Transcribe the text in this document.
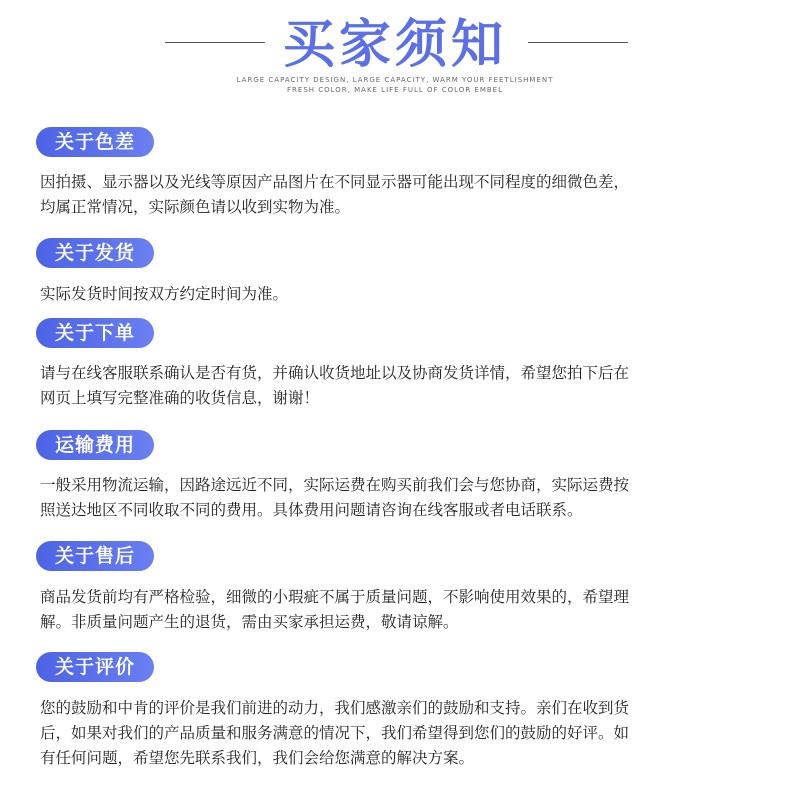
买家须知
LARGE CAPACITY DESIGN, LARGE CAPACITY, WARM YOUR FEETLISHMENT
FRESH COLOR, MAKE LIFE FULL OF COLOR EMBEL
关于色差
因拍摄、显示器以及光线等原因产品图片在不同显示器可能出现不同程度的细微色差，
均属正常情况，实际颜色请以收到实物为准。
关于发货
实际发货时间按双方约定时间为准。
关于下单
请与在线客服联系确认是否有货，并确认收货地址以及协商发货详情，希望您拍下后在
网页上填写完整准确的收货信息，谢谢！
运输费用
一般采用物流运输，因路途远近不同，实际运费在购买前我们会与您协商，实际运费按
照送达地区不同收取不同的费用。具体费用问题请咨询在线客服或者电话联系。
关于售后
商品发货前均有严格检验，细微的小瑕疵不属于质量问题，不影响使用效果的，希望理
解。非质量问题产生的退货，需由买家承担运费，敬请谅解。
关于评价
您的鼓励和中肯的评价是我们前进的动力，我们感激亲们的鼓励和支持。亲们在收到货
后，如果对我们的产品质量和服务满意的情况下，我们希望得到您们的鼓励的好评。如
有任何问题，希望您先联系我们，我们会给您满意的解决方案。
